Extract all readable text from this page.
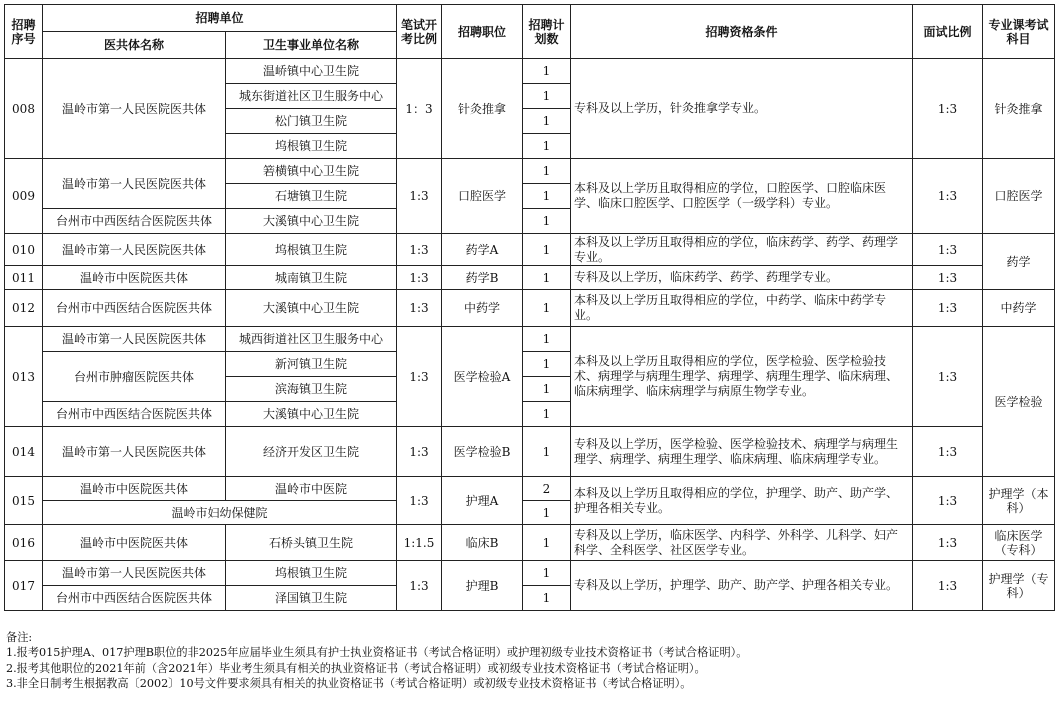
招聘序号	招聘单位		笔试开考比例	招聘职位	招聘计划数	招聘资格条件	面试比例	专业课考试科目
	医共体名称	卫生事业单位名称						
008	温岭市第一人民医院医共体	温峤镇中心卫生院	1：3	针灸推拿	1	专科及以上学历，针灸推拿学专业。	1:3	针灸推拿
		城东街道社区卫生服务中心			1			
		松门镇卫生院			1			
		坞根镇卫生院			1			
009	温岭市第一人民医院医共体	箬横镇中心卫生院	1:3	口腔医学	1	本科及以上学历且取得相应的学位，口腔医学、口腔临床医学、临床口腔医学、口腔医学（一级学科）专业。	1:3	口腔医学
		石塘镇卫生院			1			
	台州市中西医结合医院医共体	大溪镇中心卫生院			1			
010	温岭市第一人民医院医共体	坞根镇卫生院	1:3	药学A	1	本科及以上学历且取得相应的学位，临床药学、药学、药理学专业。	1:3	药学
011	温岭市中医院医共体	城南镇卫生院	1:3	药学B	1	专科及以上学历，临床药学、药学、药理学专业。	1:3	
012	台州市中西医结合医院医共体	大溪镇中心卫生院	1:3	中药学	1	本科及以上学历且取得相应的学位，中药学、临床中药学专业。	1:3	中药学
013	温岭市第一人民医院医共体	城西街道社区卫生服务中心	1:3	医学检验A	1	本科及以上学历且取得相应的学位，医学检验、医学检验技术、病理学与病理生理学、病理学、病理生理学、临床病理、临床病理学、临床病理学与病原生物学专业。	1:3	医学检验
	台州市肿瘤医院医共体	新河镇卫生院			1			
		滨海镇卫生院			1			
	台州市中西医结合医院医共体	大溪镇中心卫生院			1			
014	温岭市第一人民医院医共体	经济开发区卫生院	1:3	医学检验B	1	专科及以上学历，医学检验、医学检验技术、病理学与病理生理学、病理学、病理生理学、临床病理、临床病理学专业。	1:3	
015	温岭市中医院医共体	温岭市中医院	1:3	护理A	2	本科及以上学历且取得相应的学位，护理学、助产、助产学、护理各相关专业。	1:3	护理学（本科）
	温岭市妇幼保健院				1			
016	温岭市中医院医共体	石桥头镇卫生院	1:1.5	临床B	1	专科及以上学历，临床医学、内科学、外科学、儿科学、妇产科学、全科医学、社区医学专业。	1:3	临床医学（专科）
017	温岭市第一人民医院医共体	坞根镇卫生院	1:3	护理B	1	专科及以上学历，护理学、助产、助产学、护理各相关专业。	1:3	护理学（专科）
	台州市中西医结合医院医共体	泽国镇卫生院			1			
备注:
1.报考015护理A、017护理B职位的非2025年应届毕业生须具有护士执业资格证书（考试合格证明）或护理初级专业技术资格证书（考试合格证明）。
2.报考其他职位的2021年前（含2021年）毕业考生须具有相关的执业资格证书（考试合格证明）或初级专业技术资格证书（考试合格证明）。
3.非全日制考生根据教高〔2002〕10号文件要求须具有相关的执业资格证书（考试合格证明）或初级专业技术资格证书（考试合格证明）。
